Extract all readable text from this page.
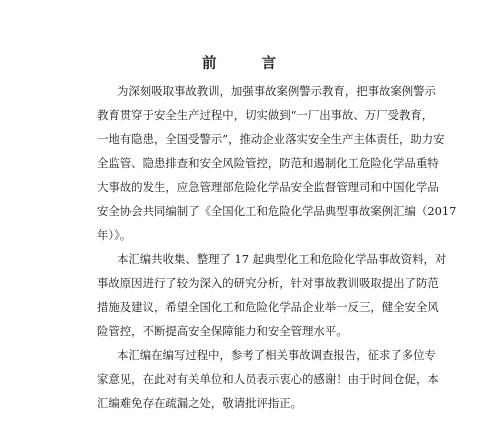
前 言

为深刻吸取事故教训，加强事故案例警示教育，把事故案例警示

教育贯穿于安全生产过程中，切实做到“一厂出事故、万厂受教育，

一地有隐患，全国受警示”，推动企业落实安全生产主体责任，助力安

全监管、隐患排查和安全风险管控，防范和遏制化工危险化学品重特

大事故的发生，应急管理部危险化学品安全监督管理司和中国化学品

安全协会共同编制了《全国化工和危险化学品典型事故案例汇编（2017

年）》。

本汇编共收集、整理了 17 起典型化工和危险化学品事故资料，对

事故原因进行了较为深入的研究分析，针对事故教训吸取提出了防范

措施及建议，希望全国化工和危险化学品企业举一反三，健全安全风

险管控，不断提高安全保障能力和安全管理水平。

本汇编在编写过程中，参考了相关事故调查报告，征求了多位专

家意见，在此对有关单位和人员表示衷心的感谢！由于时间仓促，本

汇编难免存在疏漏之处，敬请批评指正。
